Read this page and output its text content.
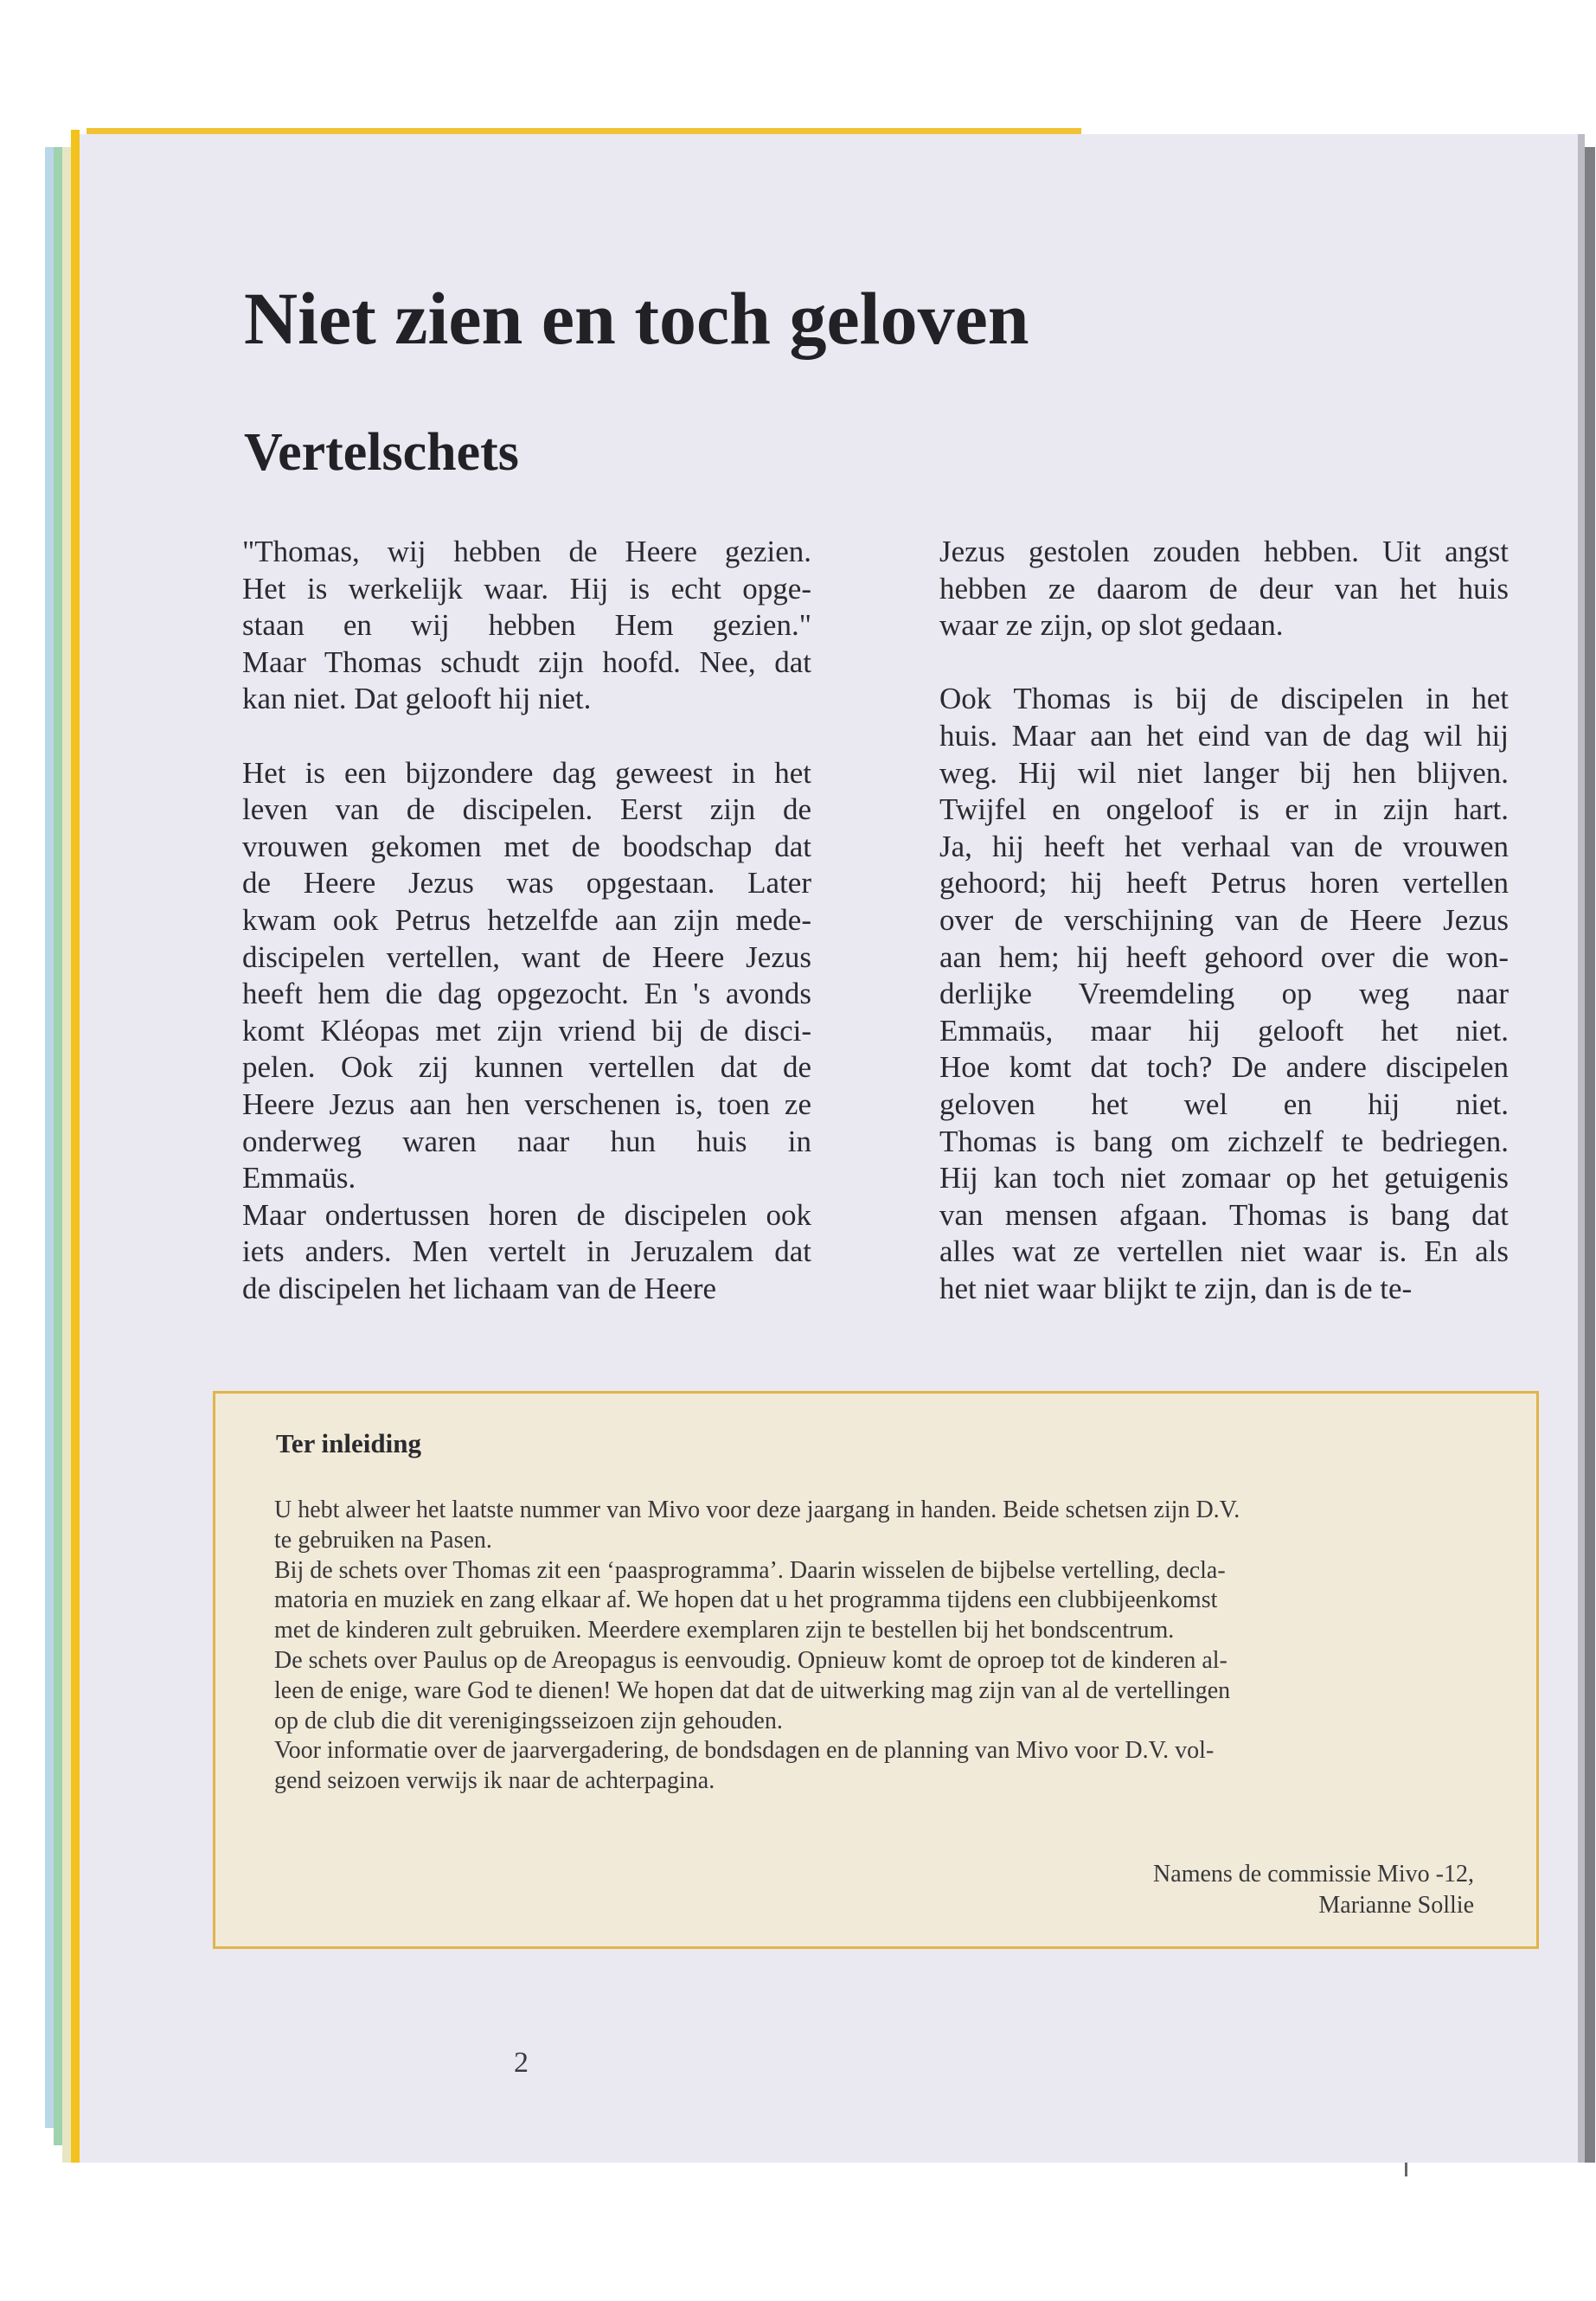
Niet zien en toch geloven
Vertelschets

"Thomas, wij hebben de Heere gezien.
Het is werkelijk waar. Hij is echt opge-
staan en wij hebben Hem gezien."
Maar Thomas schudt zijn hoofd. Nee, dat
kan niet. Dat gelooft hij niet.

Het is een bijzondere dag geweest in het
leven van de discipelen. Eerst zijn de
vrouwen gekomen met de boodschap dat
de Heere Jezus was opgestaan. Later
kwam ook Petrus hetzelfde aan zijn mede-
discipelen vertellen, want de Heere Jezus
heeft hem die dag opgezocht. En 's avonds
komt Kléopas met zijn vriend bij de disci-
pelen. Ook zij kunnen vertellen dat de
Heere Jezus aan hen verschenen is, toen ze
onderweg waren naar hun huis in
Emmaüs.
Maar ondertussen horen de discipelen ook
iets anders. Men vertelt in Jeruzalem dat
de discipelen het lichaam van de Heere

Jezus gestolen zouden hebben. Uit angst
hebben ze daarom de deur van het huis
waar ze zijn, op slot gedaan.

Ook Thomas is bij de discipelen in het
huis. Maar aan het eind van de dag wil hij
weg. Hij wil niet langer bij hen blijven.
Twijfel en ongeloof is er in zijn hart.
Ja, hij heeft het verhaal van de vrouwen
gehoord; hij heeft Petrus horen vertellen
over de verschijning van de Heere Jezus
aan hem; hij heeft gehoord over die won-
derlijke Vreemdeling op weg naar
Emmaüs, maar hij gelooft het niet.
Hoe komt dat toch? De andere discipelen
geloven het wel en hij niet.
Thomas is bang om zichzelf te bedriegen.
Hij kan toch niet zomaar op het getuigenis
van mensen afgaan. Thomas is bang dat
alles wat ze vertellen niet waar is. En als
het niet waar blijkt te zijn, dan is de te-

Ter inleiding
U hebt alweer het laatste nummer van Mivo voor deze jaargang in handen. Beide schetsen zijn D.V.
te gebruiken na Pasen.
Bij de schets over Thomas zit een ‘paasprogramma’. Daarin wisselen de bijbelse vertelling, decla-
matoria en muziek en zang elkaar af. We hopen dat u het programma tijdens een clubbijeenkomst
met de kinderen zult gebruiken. Meerdere exemplaren zijn te bestellen bij het bondscentrum.
De schets over Paulus op de Areopagus is eenvoudig. Opnieuw komt de oproep tot de kinderen al-
leen de enige, ware God te dienen! We hopen dat dat de uitwerking mag zijn van al de vertellingen
op de club die dit verenigingsseizoen zijn gehouden.
Voor informatie over de jaarvergadering, de bondsdagen en de planning van Mivo voor D.V. vol-
gend seizoen verwijs ik naar de achterpagina.
Namens de commissie Mivo -12,
Marianne Sollie
2
